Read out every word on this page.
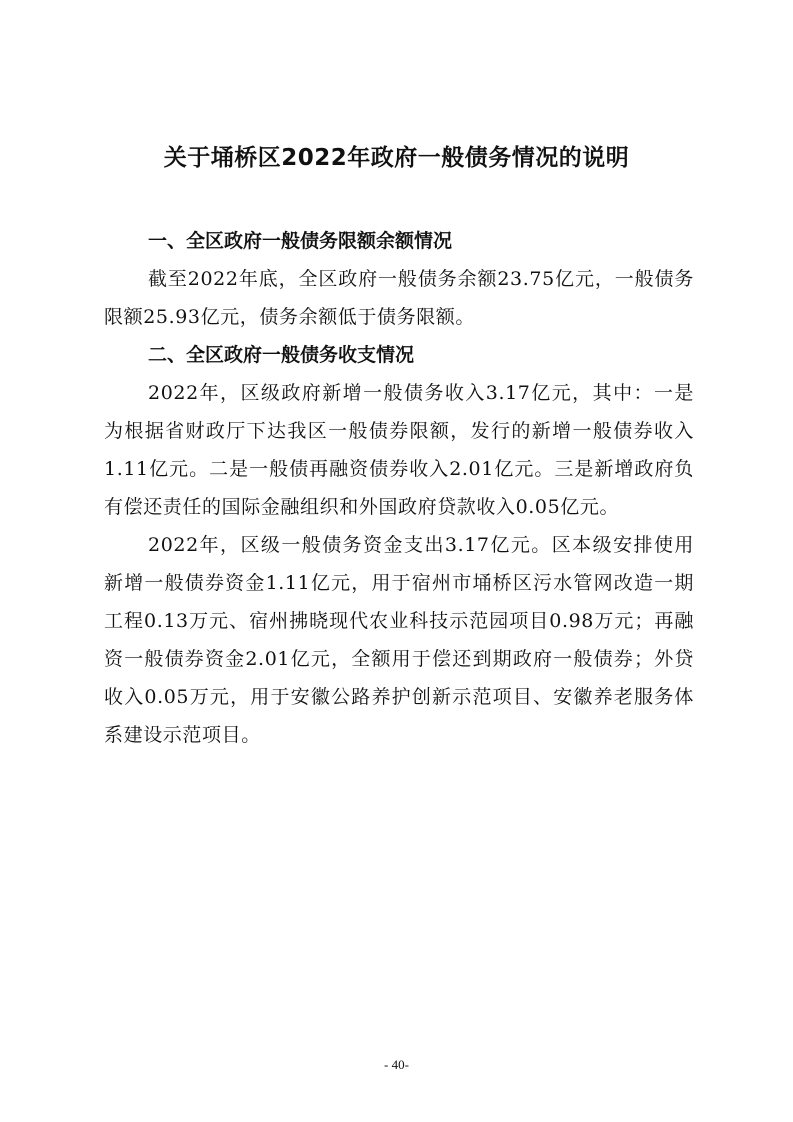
关于埇桥区2022年政府一般债务情况的说明

一、全区政府一般债务限额余额情况

截至2022年底，全区政府一般债务余额23.75亿元，一般债务限额25.93亿元，债务余额低于债务限额。

二、全区政府一般债务收支情况

2022年，区级政府新增一般债务收入3.17亿元，其中：一是为根据省财政厅下达我区一般债券限额，发行的新增一般债券收入1.11亿元。二是一般债再融资债券收入2.01亿元。三是新增政府负有偿还责任的国际金融组织和外国政府贷款收入0.05亿元。

2022年，区级一般债务资金支出3.17亿元。区本级安排使用新增一般债券资金1.11亿元，用于宿州市埇桥区污水管网改造一期工程0.13万元、宿州拂晓现代农业科技示范园项目0.98万元；再融资一般债券资金2.01亿元，全额用于偿还到期政府一般债券；外贷收入0.05万元，用于安徽公路养护创新示范项目、安徽养老服务体系建设示范项目。

- 40-
